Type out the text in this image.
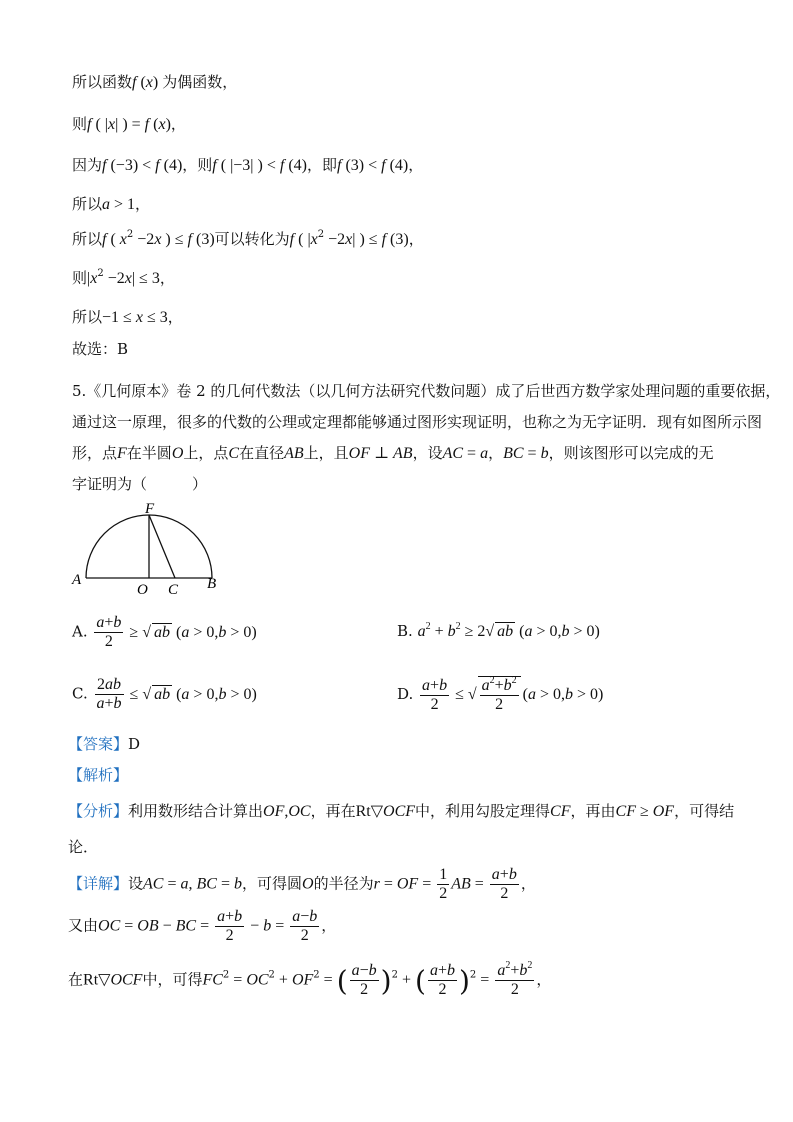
所以函数f (x) 为偶函数，
则f ( |x| ) = f (x)，
因为f (−3) < f (4)，则f ( |−3| ) < f (4)，即f (3) < f (4)，
所以a > 1，
所以f ( $x^2 -2x$ ) ≤ f (3)可以转化为f ( $|x^2 -2x|$ ) ≤ f (3)，
则$|x^2 -2x| \le 3$，
所以−1 ≤ x ≤ 3，
故选：B
5.《几何原本》卷 2 的几何代数法（以几何方法研究代数问题）成了后世西方数学家处理问题的重要依据，
通过这一原理，很多的代数的公理或定理都能够通过图形实现证明，也称之为无字证明．现有如图所示图
形，点F在半圆O上，点C在直径AB上，且OF ⊥ AB，设AC = a，BC = b，则该图形可以完成的无
字证明为（　　　）
F
A
O C B
A. $\frac{a+b}{2}$ ≥ √ ab (a > 0,b > 0)	B. $a^2 + b^2 \ge 2√$ ab (a > 0,b > 0)
C. $\frac{2ab}{a+b}$ ≤ √ ab (a > 0,b > 0)	D. $\frac{a+b}{2}$ ≤ √ $\frac{a^2+b^2}{2} (a > 0,b > 0)$
【答案】D
【解析】
【分析】利用数形结合计算出OF,OC，再在Rt▽OCF中，利用勾股定理得CF，再由CF ≥ OF，可得结
论．
【详解】设AC = a, BC = b，可得圆O的半径为r = OF = $\frac{1}{2}$ AB = $\frac{a+b}{2}$ ，
又由OC = OB − BC = $\frac{a+b}{2} - b = \frac{a-b}{2}$ ，
在Rt▽OCF中，可得$FC^2 = OC^2 + OF^2$ = ( $\frac{a-b}{2} )^2$ + ( $\frac{a+b}{2} )^2 = \frac{a^2+b^2}{2}$ ，
